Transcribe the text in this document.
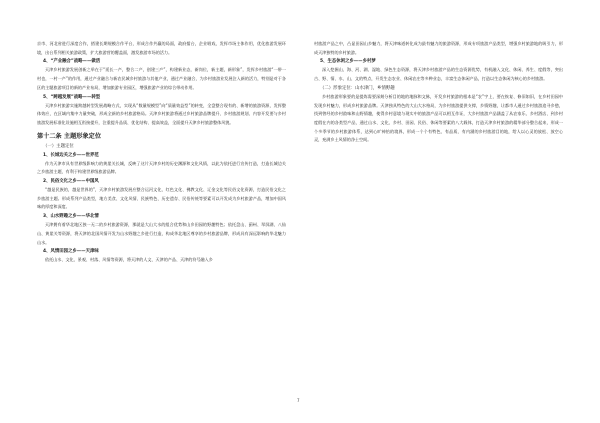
京市、河北省进行深度合作，搭建长期规模合作平台，形成合作共赢的局面，政府擂台，企业唱戏，发挥市场主体作用，优化旅游发展环境，出台系列相关旅游政策，扩大旅游营的覆盖面，激发旅游市场的活力。

4、“产业融合”战略——做活

天津乡村旅游发展创新之举在于“延长一产，整合二产，创建三产”，构建新业态，新岗位，新主题，新形象”，发挥乡村旅游“一带一村也，一村一产”的作用，通过产业融合与新农民城乡村旅游与其他产业，通过产业融合，为乡村旅游业发展注入新的活力，特别是对于各区的主题旅游项目的新的产业布局，增加旅游专业园区，增强旅游产业的综合带动作用。

5、“跨越发展”战略——转型

天津乡村旅游实施跨越转型发展战略方式，实现从“数量规模型”向“质量效益型”的转变，全盘整合现有的、新增的旅游资源，发挥整体效应，在区域内集中力量突破，形成全新的乡村旅游格局。天津乡村旅游将通过乡村旅游品牌提升、乡村旅游规划、内容开发要与乡村旅游发展标准化设施相互衔接提升，注重提升品质、优化结构、提高效益，全面提升天津乡村旅游整体风貌。

第十二条 主题形象定位
（一）主题定位
1、长城边关之乡——世界范

作为天津市具有世界级影响力的黄崖关长城，反映了这片天津乡村的历史渊源和文化风情，以此为依托进行宣传打造，打造长城边关之乡旅游主题，有利于构建世界级旅游品牌。

2、民俗文化之乡——中国风

“越是民族的，越是世界的”，天津乡村旅游发展应整合运河文化、红色文化、佛教文化、辽金文化等民俗文化资源，打造民俗文化之乡旅游主题。形成系列产品类型，地方美食、文化风情、民族特色、历史遗存、民俗传统等要素可以开发成为乡村旅游产品，增加中国风味的厚度和深度。

3、山水野趣之乡——华北情

天津拥有着华北地区独一无二的乡村旅游资源，那就是大山大水的组合优势和山乡田园的野趣特色；依托盘山、蓟州、翠屏湖、八仙山、黄崖关等资源，将天津的北国风情开发为山水野趣之乡进行打造，构成华北地区尊享的乡村旅游品牌，形成具有深远影响的华北魅力山水。

4、风情田园之乡——天津味

依托山水、文化、景观、村落、风情等资源，将天津的人文、天津的产品、天津的符号融入乡

村旅游产品之中，凸显田园山乡魅力，将天津味道转化成为最有魅力的旅游资源，形成专项旅游产品类型，增强乡村旅游地的吸引力，形成天津独特的乡村旅游。

5、生态休闲之乡——乡村梦

深入挖掘山、海、河、湖、湿地、绿色生态资源，将天津乡村旅游产品的生态资源优势，有机融入文化、休闲、养生、度假等，突出古、野、情、水、山、文的特点，开发生态农业、休闲农庄等多种业态，丰富生态休闲产品，打造以生态休闲为核心的乡村旅游。

（二）形象定位：山水津门，乡情野趣

乡村旅游形象要的是提炼需要深刻分析目的地的地脉和文脉，开发乡村旅游的根本是“农”字上，要在恢复、修旧如旧，在乡村田园中发现乡村魅力，形成乡村旅游品牌。天津独具特色的大山大水格局，为乡村旅游提供支撑，乡情野趣，让都市人通过乡村旅游追寻乡愁，找到曾经的乡村韵味和山野情趣，使得乡村意境与现实中的旅游产品可以相互作证，大乡村旅游产品涵盖了从农家乐、乡村酒店、到乡村度假在内的各类型产品，通过山水、文化、乡村、田园、民俗、休闲等要素的八大载体，打造天津乡村旅游的精华部分整合起来，形成一个多季节的乡村旅游体系，达到心旷神怡的境界，形成一个个有特色、有品质、有内涵的乡村旅游目的地，给人以心灵的放松、放空心灵，充满乡土风情的净土空间。

7
